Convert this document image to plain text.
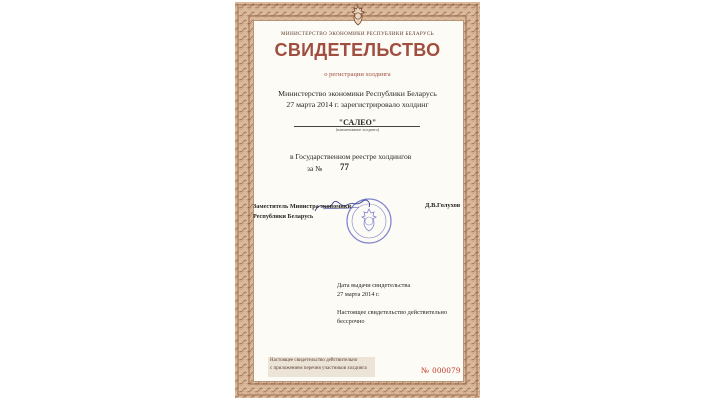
МИНИСТЕРСТВО ЭКОНОМИКИ РЕСПУБЛИКИ БЕЛАРУСЬ
СВИДЕТЕЛЬСТВО
о регистрации холдинга
Министерство экономики Республики Беларусь
27 марта 2014 г. зарегистрировало холдинг
"САЛЕО"
(наименование холдинга)
в Государственном реестре холдингов
за № 77
Заместитель Министра экономики
Республики Беларусь
Д.В.Голухов
Дата выдачи свидетельства
27 марта 2014 г.
Настоящее свидетельство действительно
бессрочно
Настоящее свидетельство действительно
с приложением перечня участников холдинга	№ 000079
